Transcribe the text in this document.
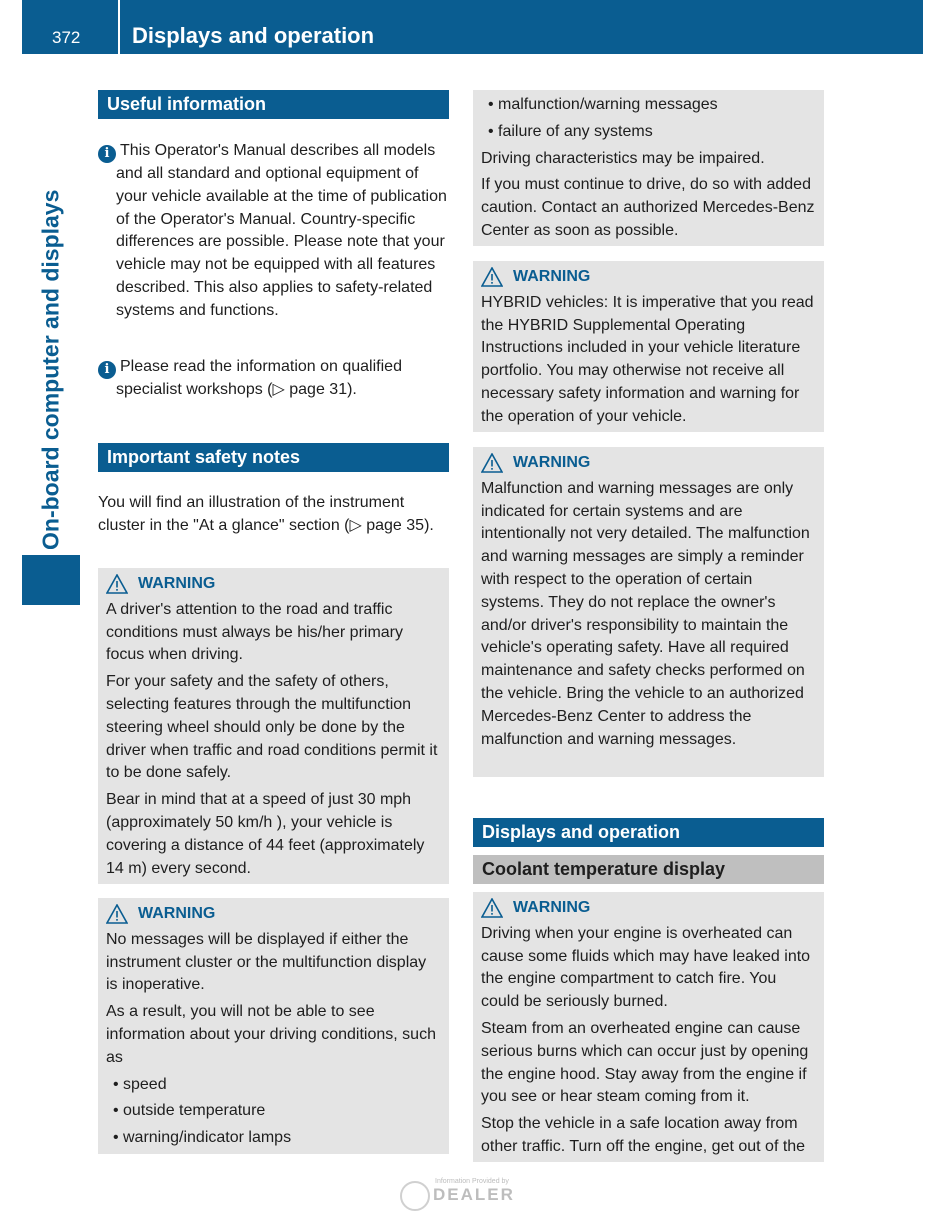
372 Displays and operation
On-board computer and displays
Useful information
i This Operator's Manual describes all models and all standard and optional equipment of your vehicle available at the time of publication of the Operator's Manual. Country-specific differences are possible. Please note that your vehicle may not be equipped with all features described. This also applies to safety-related systems and functions.
i Please read the information on qualified specialist workshops (▷ page 31).
Important safety notes
You will find an illustration of the instrument cluster in the "At a glance" section (▷ page 35).
WARNING

A driver's attention to the road and traffic conditions must always be his/her primary focus when driving.

For your safety and the safety of others, selecting features through the multifunction steering wheel should only be done by the driver when traffic and road conditions permit it to be done safely.

Bear in mind that at a speed of just 30 mph (approximately 50 km/h ), your vehicle is covering a distance of 44 feet (approximately 14 m) every second.

WARNING

No messages will be displayed if either the instrument cluster or the multifunction display is inoperative.

As a result, you will not be able to see information about your driving conditions, such as

• speed

• outside temperature

• warning/indicator lamps

• malfunction/warning messages

• failure of any systems

Driving characteristics may be impaired.

If you must continue to drive, do so with added caution. Contact an authorized Mercedes-Benz Center as soon as possible.

WARNING

HYBRID vehicles: It is imperative that you read the HYBRID Supplemental Operating Instructions included in your vehicle literature portfolio. You may otherwise not receive all necessary safety information and warning for the operation of your vehicle.

WARNING

Malfunction and warning messages are only indicated for certain systems and are intentionally not very detailed. The malfunction and warning messages are simply a reminder with respect to the operation of certain systems. They do not replace the owner's and/or driver's responsibility to maintain the vehicle's operating safety. Have all required maintenance and safety checks performed on the vehicle. Bring the vehicle to an authorized Mercedes-Benz Center to address the malfunction and warning messages.

Displays and operation
Coolant temperature display
WARNING

Driving when your engine is overheated can cause some fluids which may have leaked into the engine compartment to catch fire. You could be seriously burned.

Steam from an overheated engine can cause serious burns which can occur just by opening the engine hood. Stay away from the engine if you see or hear steam coming from it.

Stop the vehicle in a safe location away from other traffic. Turn off the engine, get out of the

Information Provided by
DEALER
